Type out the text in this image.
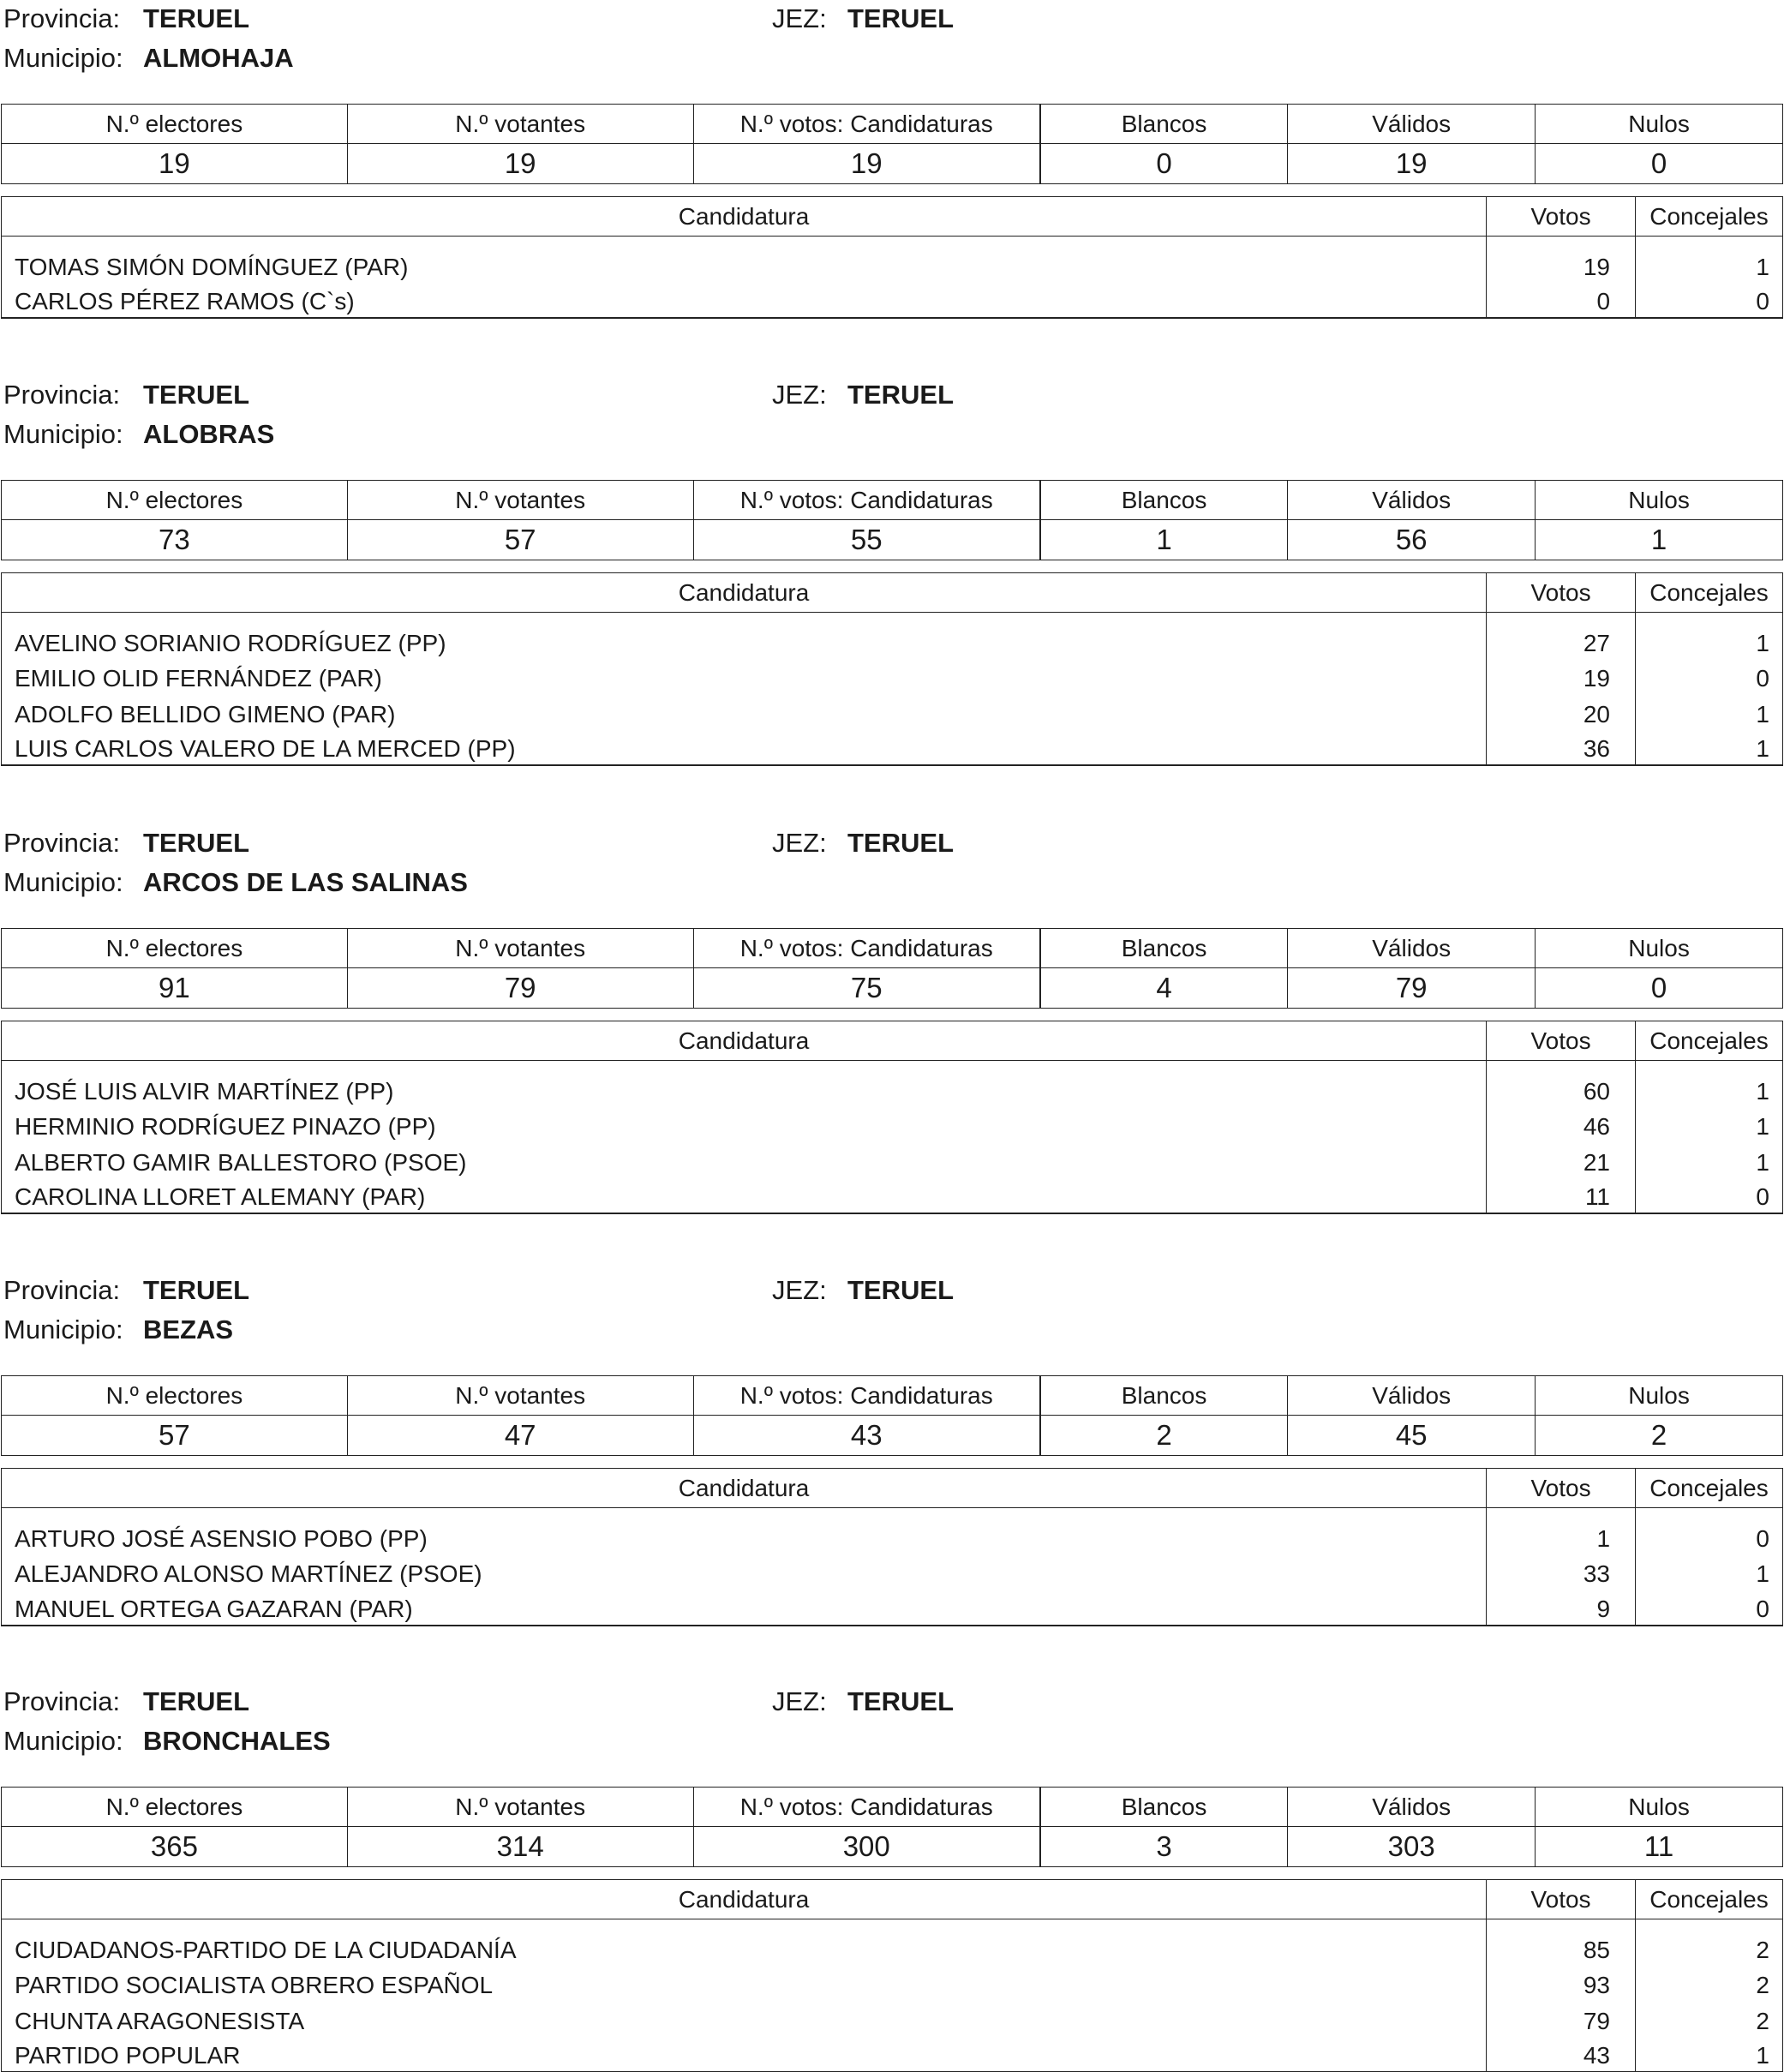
Provincia: TERUEL	JEZ: TERUEL
Municipio: ALMOHAJA
N.º electores	N.º votantes	N.º votos: Candidaturas	Blancos	Válidos	Nulos
19	19	19	0	19	0
Candidatura	Votos	Concejales
TOMAS SIMÓN DOMÍNGUEZ (PAR)	19	1
CARLOS PÉREZ RAMOS (C`s)	0	0
Provincia: TERUEL	JEZ: TERUEL
Municipio: ALOBRAS
N.º electores	N.º votantes	N.º votos: Candidaturas	Blancos	Válidos	Nulos
73	57	55	1	56	1
Candidatura	Votos	Concejales
AVELINO SORIANIO RODRÍGUEZ (PP)	27	1
EMILIO OLID FERNÁNDEZ (PAR)	19	0
ADOLFO BELLIDO GIMENO (PAR)	20	1
LUIS CARLOS VALERO DE LA MERCED (PP)	36	1
Provincia: TERUEL	JEZ: TERUEL
Municipio: ARCOS DE LAS SALINAS
N.º electores	N.º votantes	N.º votos: Candidaturas	Blancos	Válidos	Nulos
91	79	75	4	79	0
Candidatura	Votos	Concejales
JOSÉ LUIS ALVIR MARTÍNEZ (PP)	60	1
HERMINIO RODRÍGUEZ PINAZO (PP)	46	1
ALBERTO GAMIR BALLESTORO (PSOE)	21	1
CAROLINA LLORET ALEMANY (PAR)	11	0
Provincia: TERUEL	JEZ: TERUEL
Municipio: BEZAS
N.º electores	N.º votantes	N.º votos: Candidaturas	Blancos	Válidos	Nulos
57	47	43	2	45	2
Candidatura	Votos	Concejales
ARTURO JOSÉ ASENSIO POBO (PP)	1	0
ALEJANDRO ALONSO MARTÍNEZ (PSOE)	33	1
MANUEL ORTEGA GAZARAN (PAR)	9	0
Provincia: TERUEL	JEZ: TERUEL
Municipio: BRONCHALES
N.º electores	N.º votantes	N.º votos: Candidaturas	Blancos	Válidos	Nulos
365	314	300	3	303	11
Candidatura	Votos	Concejales
CIUDADANOS-PARTIDO DE LA CIUDADANÍA	85	2
PARTIDO SOCIALISTA OBRERO ESPAÑOL	93	2
CHUNTA ARAGONESISTA	79	2
PARTIDO POPULAR	43	1
